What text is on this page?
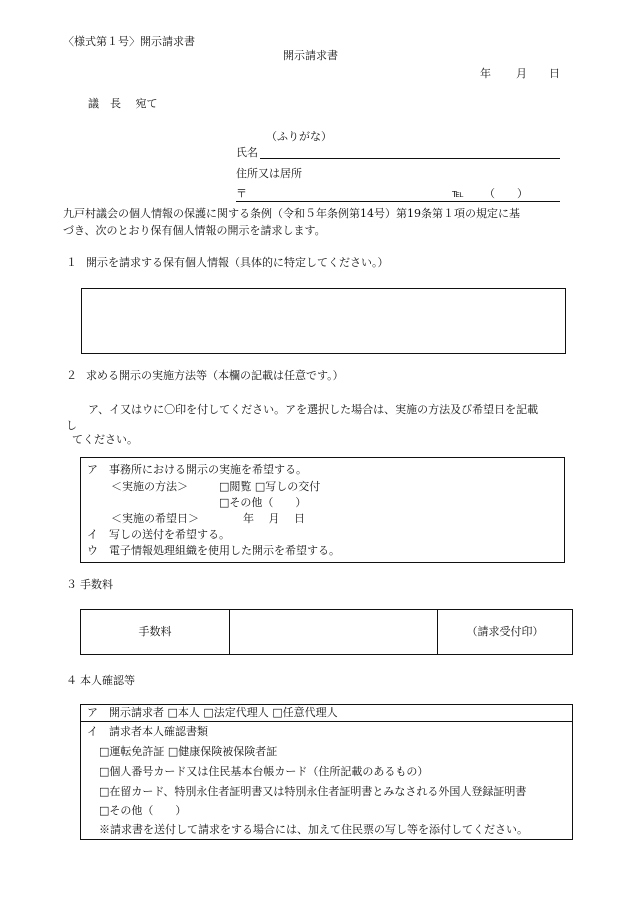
〈様式第１号〉開示請求書
開示請求書
年 月 日
議　長　 宛て
（ふりがな）
氏名
住所又は居所
〒	℡ （　　）
九戸村議会の個人情報の保護に関する条例（令和５年条例第14号）第19条第１項の規定に基
づき、次のとおり保有個人情報の開示を請求します。
１ 開示を請求する保有個人情報（具体的に特定してください。）
２ 求める開示の実施方法等（本欄の記載は任意です。）
ア、イ又はウに〇印を付してください。アを選択した場合は、実施の方法及び希望日を記載
し
てください。
ア　事務所における開示の実施を希望する。
＜実施の方法＞	□閲覧 □写しの交付
□その他（　　）
＜実施の希望日＞	年　 月　 日
イ　写しの送付を希望する。
ウ　電子情報処理組織を使用した開示を希望する。
３ 手数料
手数料	（請求受付印）
４ 本人確認等
ア　開示請求者 □本人 □法定代理人 □任意代理人
イ　請求者本人確認書類
□運転免許証 □健康保険被保険者証
□個人番号カード又は住民基本台帳カード（住所記載のあるもの）
□在留カード、特別永住者証明書又は特別永住者証明書とみなされる外国人登録証明書
□その他（　　）
※請求書を送付して請求をする場合には、加えて住民票の写し等を添付してください。
